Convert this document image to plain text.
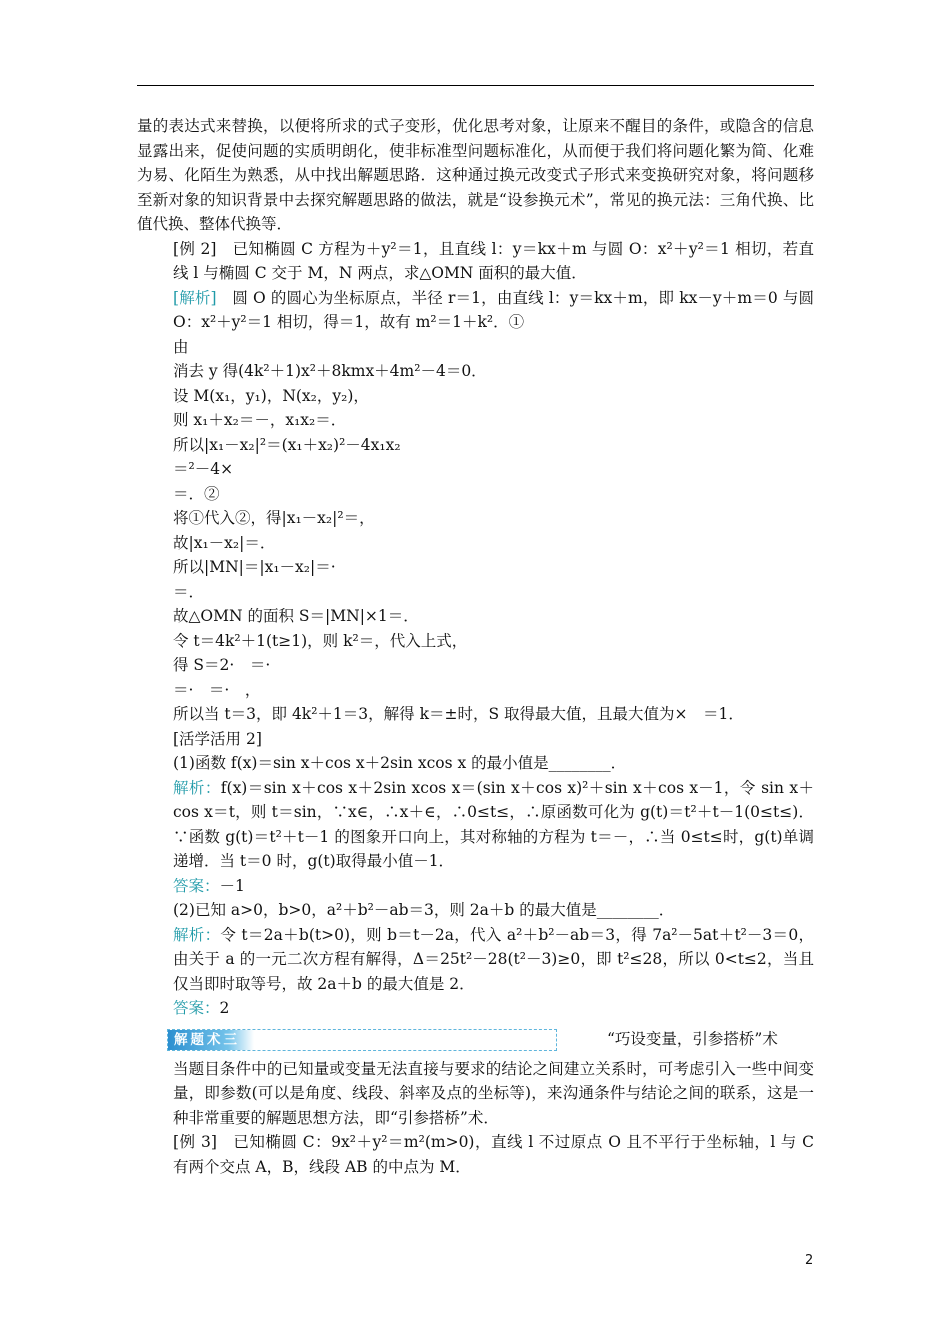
量的表达式来替换，以便将所求的式子变形，优化思考对象，让原来不醒目的条件，或隐含的信息显露出来，促使问题的实质明朗化，使非标准型问题标准化，从而便于我们将问题化繁为简、化难为易、化陌生为熟悉，从中找出解题思路．这种通过换元改变式子形式来变换研究对象，将问题移至新对象的知识背景中去探究解题思路的做法，就是“设参换元术”，常见的换元法：三角代换、比值代换、整体代换等．

[例 2]　已知椭圆 C 方程为＋y²＝1，且直线 l：y＝kx＋m 与圆 O：x²＋y²＝1 相切，若直线 l 与椭圆 C 交于 M，N 两点，求△OMN 面积的最大值．

[解析]　圆 O 的圆心为坐标原点，半径 r＝1，由直线 l：y＝kx＋m，即 kx－y＋m＝0 与圆 O：x²＋y²＝1 相切，得＝1，故有 m²＝1＋k²．①

由

消去 y 得(4k²＋1)x²＋8kmx＋4m²－4＝0．

设 M(x₁，y₁)，N(x₂，y₂)，

则 x₁＋x₂＝－，x₁x₂＝．

所以|x₁－x₂|²＝(x₁＋x₂)²－4x₁x₂

＝²－4×

＝．②

将①代入②，得|x₁－x₂|²＝，

故|x₁－x₂|＝．

所以|MN|＝|x₁－x₂|＝·

＝．

故△OMN 的面积 S＝|MN|×1＝．

令 t＝4k²＋1(t≥1)，则 k²＝，代入上式，

得 S＝2·　＝·

＝·　＝·　，

所以当 t＝3，即 4k²＋1＝3，解得 k＝±时，S 取得最大值，且最大值为×　＝1．

[活学活用 2]

(1)函数 f(x)＝sin x＋cos x＋2sin xcos x 的最小值是________．

解析：f(x)＝sin x＋cos x＋2sin xcos x＝(sin x＋cos x)²＋sin x＋cos x－1，令 sin x＋cos x＝t，则 t＝sin，∵x∈，∴x＋∈，∴0≤t≤，∴原函数可化为 g(t)＝t²＋t－1(0≤t≤)．∵函数 g(t)＝t²＋t－1 的图象开口向上，其对称轴的方程为 t＝－，∴当 0≤t≤时，g(t)单调递增．当 t＝0 时，g(t)取得最小值－1．

答案：－1

(2)已知 a>0，b>0，a²＋b²－ab＝3，则 2a＋b 的最大值是________．

解析：令 t＝2a＋b(t>0)，则 b＝t－2a，代入 a²＋b²－ab＝3，得 7a²－5at＋t²－3＝0，由关于 a 的一元二次方程有解得，Δ＝25t²－28(t²－3)≥0，即 t²≤28，所以 0<t≤2，当且仅当即时取等号，故 2a＋b 的最大值是 2．

答案：2

解题术三	“巧设变量，引参搭桥”术

当题目条件中的已知量或变量无法直接与要求的结论之间建立关系时，可考虑引入一些中间变量，即参数(可以是角度、线段、斜率及点的坐标等)，来沟通条件与结论之间的联系，这是一种非常重要的解题思想方法，即“引参搭桥”术．

[例 3]　已知椭圆 C：9x²＋y²＝m²(m>0)，直线 l 不过原点 O 且不平行于坐标轴，l 与 C 有两个交点 A，B，线段 AB 的中点为 M．

2
